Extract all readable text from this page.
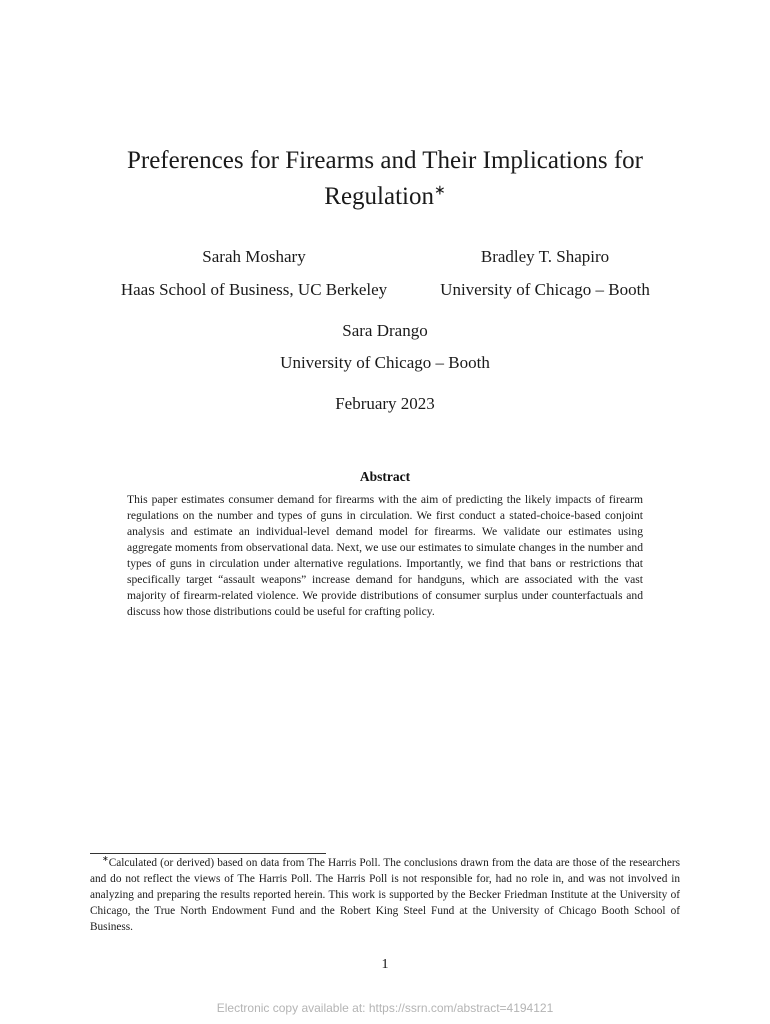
Preferences for Firearms and Their Implications for Regulation∗
Sarah Moshary
Haas School of Business, UC Berkeley
Bradley T. Shapiro
University of Chicago – Booth
Sara Drango
University of Chicago – Booth
February 2023
Abstract

This paper estimates consumer demand for firearms with the aim of predicting the likely impacts of firearm regulations on the number and types of guns in circulation. We first conduct a stated-choice-based conjoint analysis and estimate an individual-level demand model for firearms. We validate our estimates using aggregate moments from observational data. Next, we use our estimates to simulate changes in the number and types of guns in circulation under alternative regulations. Importantly, we find that bans or restrictions that specifically target “assault weapons” increase demand for handguns, which are associated with the vast majority of firearm-related violence. We provide distributions of consumer surplus under counterfactuals and discuss how those distributions could be useful for crafting policy.

∗Calculated (or derived) based on data from The Harris Poll. The conclusions drawn from the data are those of the researchers and do not reflect the views of The Harris Poll. The Harris Poll is not responsible for, had no role in, and was not involved in analyzing and preparing the results reported herein. This work is supported by the Becker Friedman Institute at the University of Chicago, the True North Endowment Fund and the Robert King Steel Fund at the University of Chicago Booth School of Business.

1
Electronic copy available at: https://ssrn.com/abstract=4194121
